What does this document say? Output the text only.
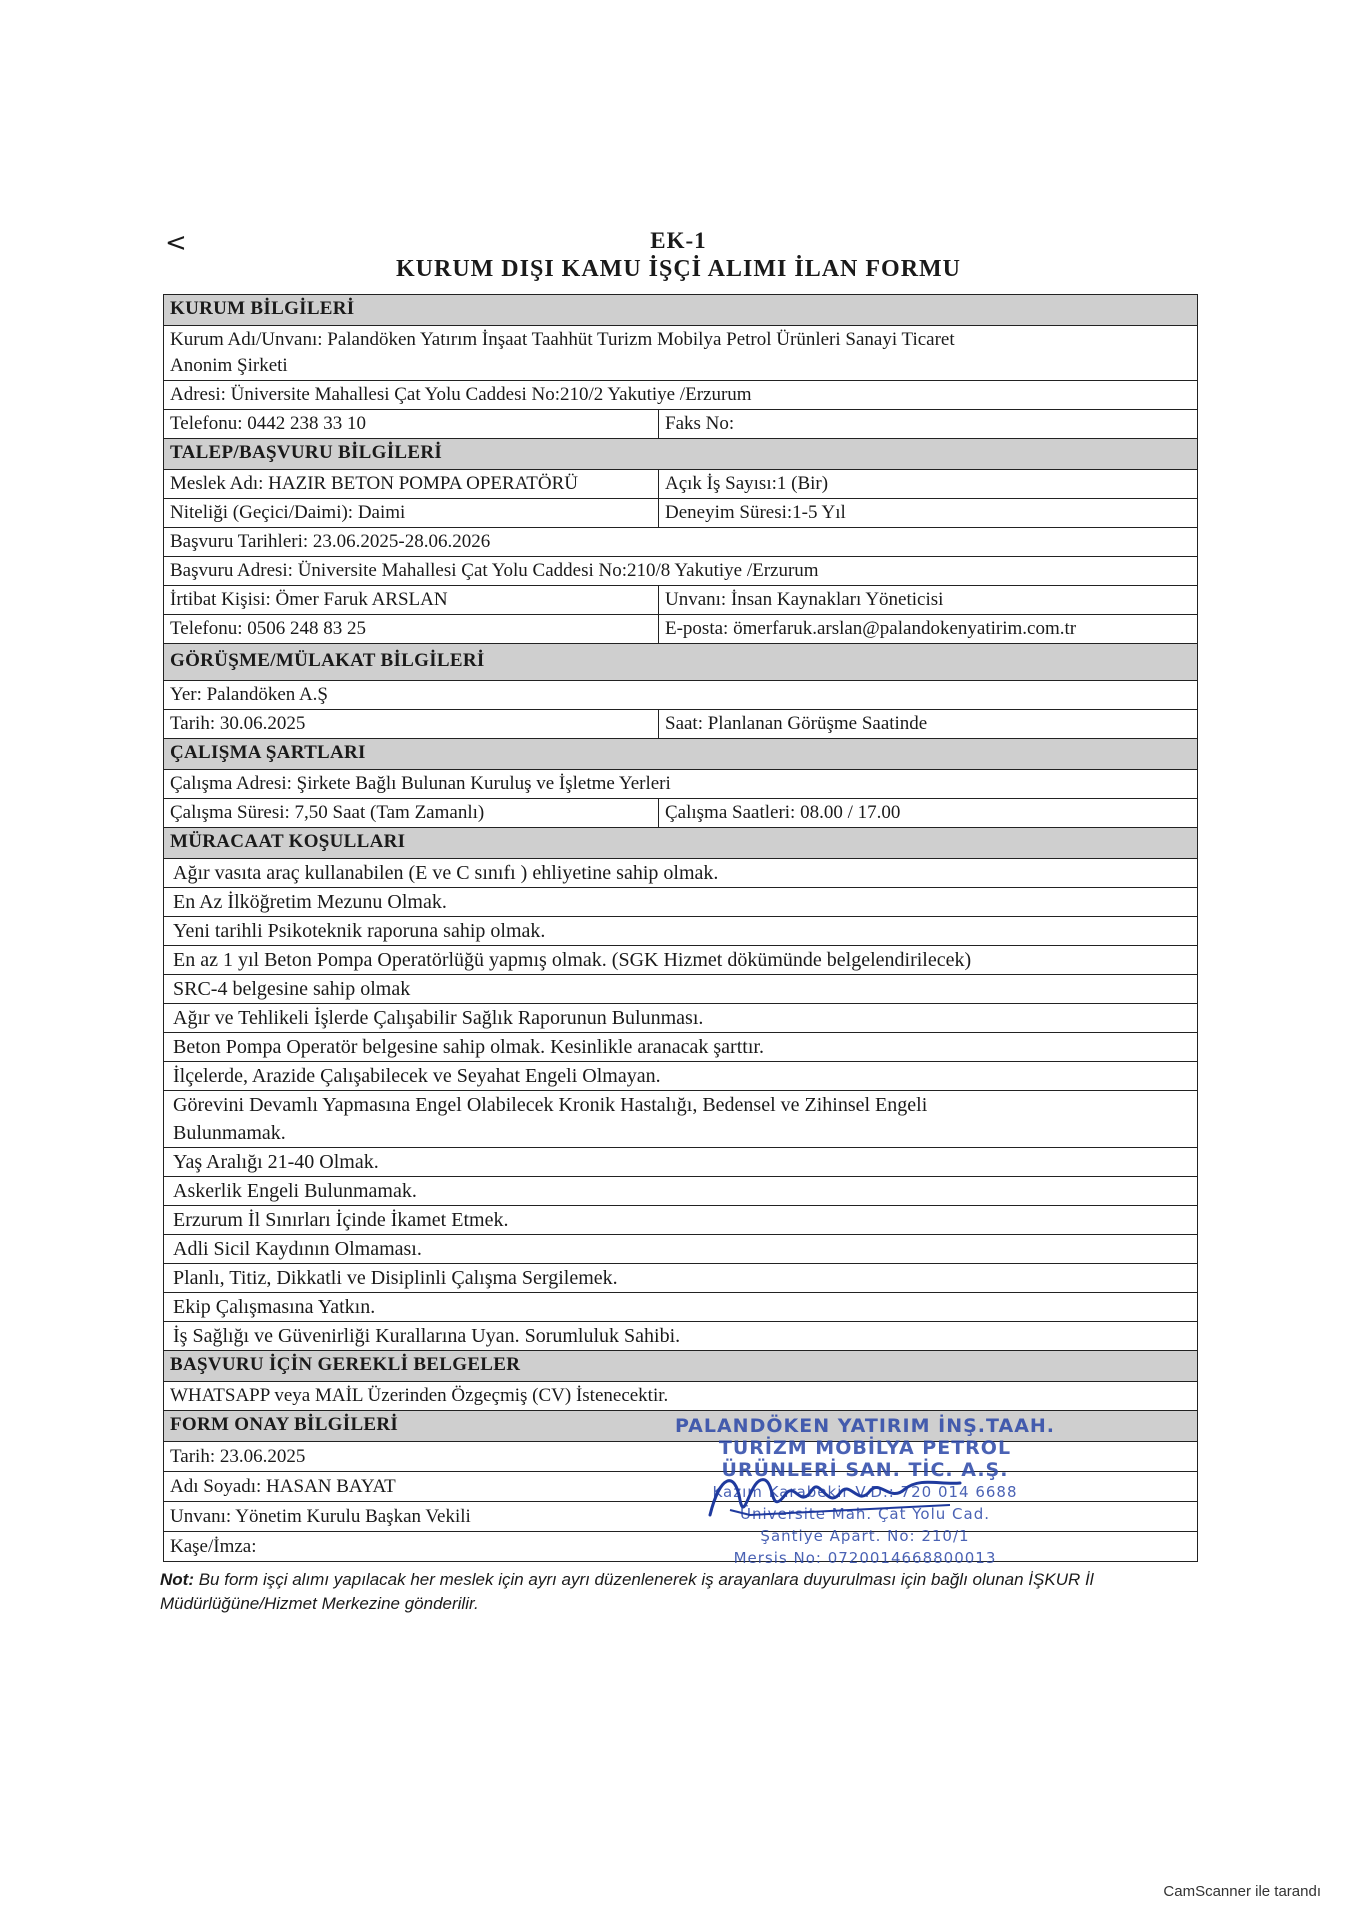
<	EK-1
KURUM DIŞI KAMU İŞÇİ ALIMI İLAN FORMU
KURUM BİLGİLERİ
Kurum Adı/Unvanı: Palandöken Yatırım İnşaat Taahhüt Turizm Mobilya Petrol Ürünleri Sanayi Ticaret
Anonim Şirketi
Adresi: Üniversite Mahallesi Çat Yolu Caddesi No:210/2 Yakutiye /Erzurum
Telefonu: 0442 238 33 10	Faks No:
TALEP/BAŞVURU BİLGİLERİ
Meslek Adı: HAZIR BETON POMPA OPERATÖRÜ	Açık İş Sayısı:1 (Bir)
Niteliği (Geçici/Daimi): Daimi	Deneyim Süresi:1-5 Yıl
Başvuru Tarihleri: 23.06.2025-28.06.2026
Başvuru Adresi: Üniversite Mahallesi Çat Yolu Caddesi No:210/8 Yakutiye /Erzurum
İrtibat Kişisi: Ömer Faruk ARSLAN	Unvanı: İnsan Kaynakları Yöneticisi
Telefonu: 0506 248 83 25	E-posta: ömerfaruk.arslan@palandokenyatirim.com.tr
GÖRÜŞME/MÜLAKAT BİLGİLERİ
Yer: Palandöken A.Ş
Tarih: 30.06.2025	Saat: Planlanan Görüşme Saatinde
ÇALIŞMA ŞARTLARI
Çalışma Adresi: Şirkete Bağlı Bulunan Kuruluş ve İşletme Yerleri
Çalışma Süresi: 7,50 Saat (Tam Zamanlı)	Çalışma Saatleri: 08.00 / 17.00
MÜRACAAT KOŞULLARI
Ağır vasıta araç kullanabilen (E ve C sınıfı ) ehliyetine sahip olmak.
En Az İlköğretim Mezunu Olmak.
Yeni tarihli Psikoteknik raporuna sahip olmak.
En az 1 yıl Beton Pompa Operatörlüğü yapmış olmak. (SGK Hizmet dökümünde belgelendirilecek)
SRC-4 belgesine sahip olmak
Ağır ve Tehlikeli İşlerde Çalışabilir Sağlık Raporunun Bulunması.
Beton Pompa Operatör belgesine sahip olmak. Kesinlikle aranacak şarttır.
İlçelerde, Arazide Çalışabilecek ve Seyahat Engeli Olmayan.
Görevini Devamlı Yapmasına Engel Olabilecek Kronik Hastalığı, Bedensel ve Zihinsel Engeli
Bulunmamak.
Yaş Aralığı 21-40 Olmak.
Askerlik Engeli Bulunmamak.
Erzurum İl Sınırları İçinde İkamet Etmek.
Adli Sicil Kaydının Olmaması.
Planlı, Titiz, Dikkatli ve Disiplinli Çalışma Sergilemek.
Ekip Çalışmasına Yatkın.
İş Sağlığı ve Güvenirliği Kurallarına Uyan. Sorumluluk Sahibi.
BAŞVURU İÇİN GEREKLİ BELGELER
WHATSAPP veya MAİL Üzerinden Özgeçmiş (CV) İstenecektir.
FORM ONAY BİLGİLERİ
Tarih: 23.06.2025
Adı Soyadı: HASAN BAYAT
Unvanı: Yönetim Kurulu Başkan Vekili
Kaşe/İmza:
PALANDÖKEN YATIRIM İNŞ.TAAH.
TURİZM MOBİLYA PETROL
ÜRÜNLERİ SAN. TİC. A.Ş.
Kazım Karabekir V.D.: 720 014 6688
Üniversite Mah. Çat Yolu Cad.
Şantiye Apart. No: 210/1
Mersis No: 0720014668800013
Not: Bu form işçi alımı yapılacak her meslek için ayrı ayrı düzenlenerek iş arayanlara duyurulması için bağlı olunan İŞKUR İl Müdürlüğüne/Hizmet Merkezine gönderilir.
CamScanner ile tarandı
